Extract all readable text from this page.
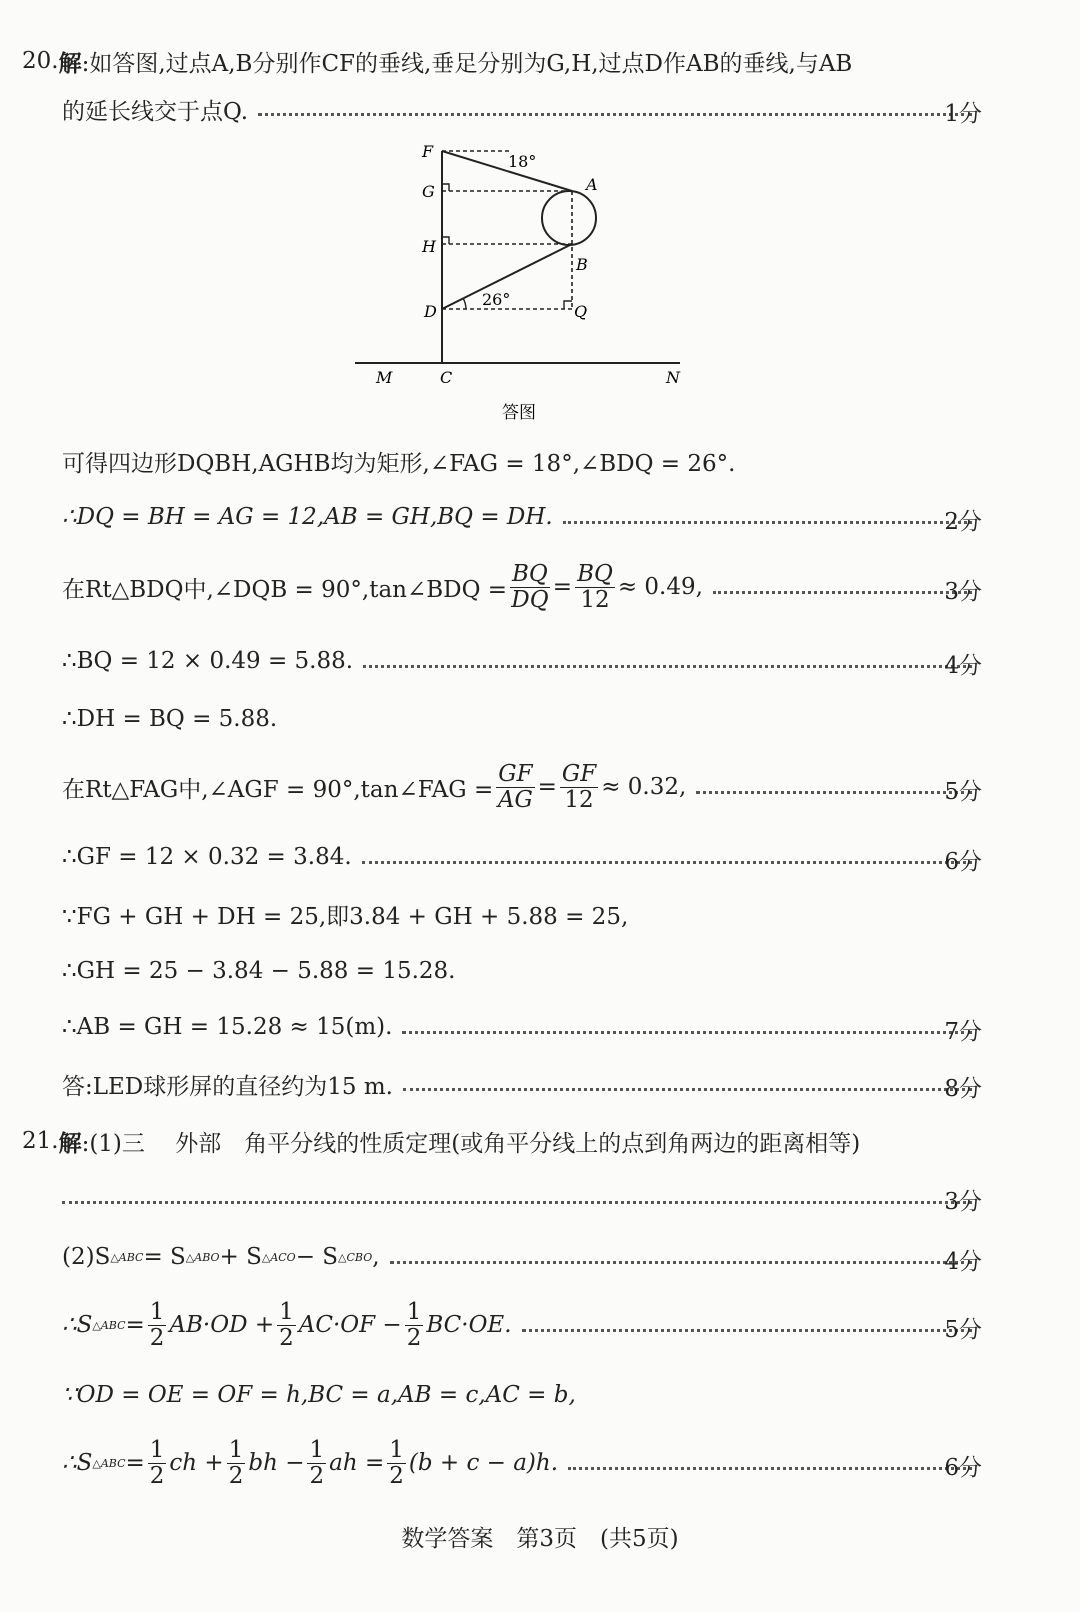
20. 解 :如答图,过点A,B分别作CF的垂线,垂足分别为G,H,过点D作AB的垂线,与AB
的延长线交于点Q.	1分
F
G
H
D
A
B
Q
M	C	N
18°
26°
答图
可得四边形DQBH,AGHB均为矩形,∠FAG = 18°,∠BDQ = 26°.
∴DQ = BH = AG = 12,AB = GH,BQ = DH.	2分
在Rt△BDQ中,∠DQB = 90°,tan∠BDQ = $\frac{BQ}{DQ} = \frac{BQ}{12} \approx 0.49$,	3分
∴BQ = 12 × 0.49 = 5.88.	4分
∴DH = BQ = 5.88.
在Rt△FAG中,∠AGF = 90°,tan∠FAG = $\frac{GF}{AG} = \frac{GF}{12} \approx 0.32$,	5分
∴GF = 12 × 0.32 = 3.84.	6分
∵FG + GH + DH = 25,即3.84 + GH + 5.88 = 25,
∴GH = 25 − 3.84 − 5.88 = 15.28.
∴AB = GH = 15.28 ≈ 15(m).	7分
答:LED球形屏的直径约为15 m.	8分
21. 解 :(1)三　 外部　角平分线的性质定理(或角平分线上的点到角两边的距离相等)
3分
(2)S △ABC = S △ABO + S △ACO − S △CBO ,	4分
∴S △ABC = $\frac{1}{2} AB\cdot OD + \frac{1}{2} AC\cdot OF - \frac{1}{2} BC\cdot OE$.	5分
∵OD = OE = OF = h,BC = a,AB = c,AC = b,
∴S △ABC = $\frac{1}{2}$ ch + $\frac{1}{2}$ bh − $\frac{1}{2}$ ah = $\frac{1}{2} (b + c - a)h$.	6分
数学答案　第3页　(共5页)
